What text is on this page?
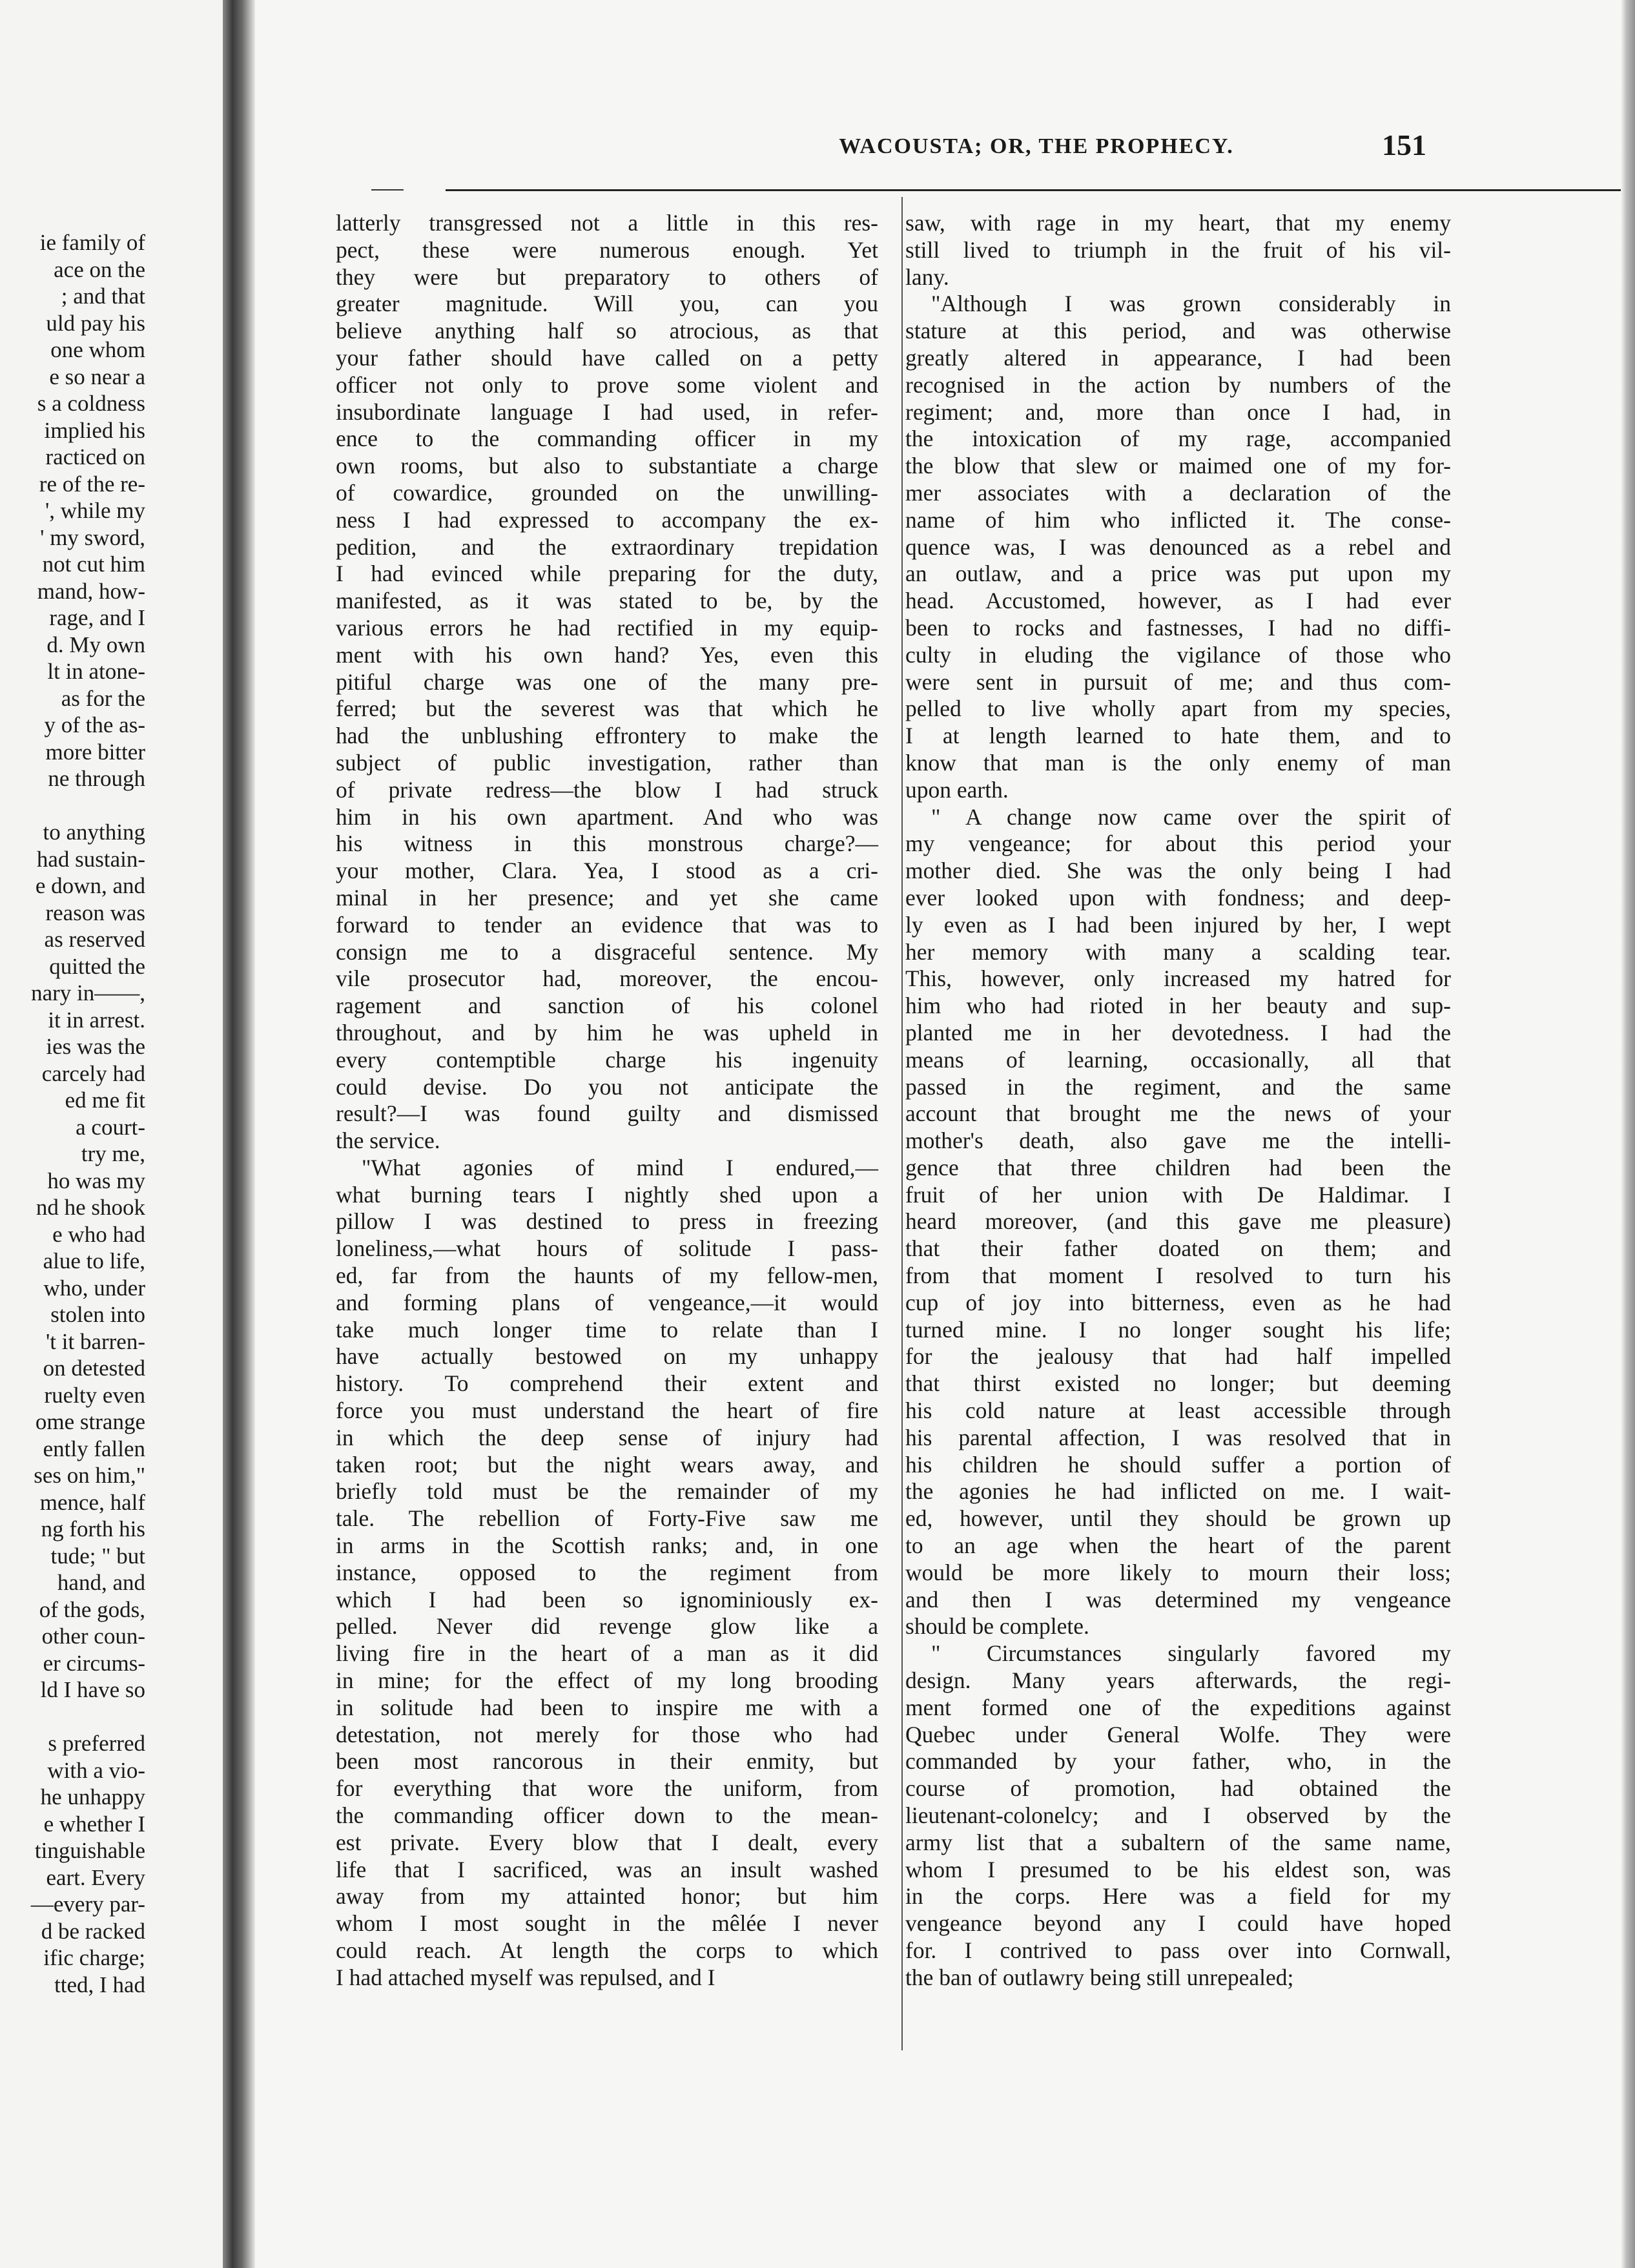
ie family of
ace on the
; and that
uld pay his
one whom
e so near a
s a coldness
implied his
racticed on
re of the re-
', while my
' my sword,
not cut him
mand, how-
rage, and I
d. My own
lt in atone-
as for the
y of the as-
more bitter
ne through
to anything
had sustain-
e down, and
reason was
as reserved
quitted the
nary in——,
it in arrest.
ies was the
carcely had
ed me fit
a court-
try me,
ho was my
nd he shook
e who had
alue to life,
who, under
stolen into
't it barren-
on detested
ruelty even
ome strange
ently fallen
ses on him,"
mence, half
ng forth his
tude; " but
hand, and
of the gods,
other coun-
er circums-
ld I have so
s preferred
with a vio-
he unhappy
e whether I
tinguishable
eart. Every
—every par-
d be racked
ific charge;
tted, I had
WACOUSTA; OR, THE PROPHECY.	151
latterly transgressed not a little in this res-
pect, these were numerous enough. Yet
they were but preparatory to others of
greater magnitude. Will you, can you
believe anything half so atrocious, as that
your father should have called on a petty
officer not only to prove some violent and
insubordinate language I had used, in refer-
ence to the commanding officer in my
own rooms, but also to substantiate a charge
of cowardice, grounded on the unwilling-
ness I had expressed to accompany the ex-
pedition, and the extraordinary trepidation
I had evinced while preparing for the duty,
manifested, as it was stated to be, by the
various errors he had rectified in my equip-
ment with his own hand? Yes, even this
pitiful charge was one of the many pre-
ferred; but the severest was that which he
had the unblushing effrontery to make the
subject of public investigation, rather than
of private redress—the blow I had struck
him in his own apartment. And who was
his witness in this monstrous charge?—
your mother, Clara. Yea, I stood as a cri-
minal in her presence; and yet she came
forward to tender an evidence that was to
consign me to a disgraceful sentence. My
vile prosecutor had, moreover, the encou-
ragement and sanction of his colonel
throughout, and by him he was upheld in
every contemptible charge his ingenuity
could devise. Do you not anticipate the
result?—I was found guilty and dismissed
the service.
"What agonies of mind I endured,—
what burning tears I nightly shed upon a
pillow I was destined to press in freezing
loneliness,—what hours of solitude I pass-
ed, far from the haunts of my fellow-men,
and forming plans of vengeance,—it would
take much longer time to relate than I
have actually bestowed on my unhappy
history. To comprehend their extent and
force you must understand the heart of fire
in which the deep sense of injury had
taken root; but the night wears away, and
briefly told must be the remainder of my
tale. The rebellion of Forty-Five saw me
in arms in the Scottish ranks; and, in one
instance, opposed to the regiment from
which I had been so ignominiously ex-
pelled. Never did revenge glow like a
living fire in the heart of a man as it did
in mine; for the effect of my long brooding
in solitude had been to inspire me with a
detestation, not merely for those who had
been most rancorous in their enmity, but
for everything that wore the uniform, from
the commanding officer down to the mean-
est private. Every blow that I dealt, every
life that I sacrificed, was an insult washed
away from my attainted honor; but him
whom I most sought in the mêlée I never
could reach. At length the corps to which
I had attached myself was repulsed, and I
saw, with rage in my heart, that my enemy
still lived to triumph in the fruit of his vil-
lany.
"Although I was grown considerably in
stature at this period, and was otherwise
greatly altered in appearance, I had been
recognised in the action by numbers of the
regiment; and, more than once I had, in
the intoxication of my rage, accompanied
the blow that slew or maimed one of my for-
mer associates with a declaration of the
name of him who inflicted it. The conse-
quence was, I was denounced as a rebel and
an outlaw, and a price was put upon my
head. Accustomed, however, as I had ever
been to rocks and fastnesses, I had no diffi-
culty in eluding the vigilance of those who
were sent in pursuit of me; and thus com-
pelled to live wholly apart from my species,
I at length learned to hate them, and to
know that man is the only enemy of man
upon earth.
" A change now came over the spirit of
my vengeance; for about this period your
mother died. She was the only being I had
ever looked upon with fondness; and deep-
ly even as I had been injured by her, I wept
her memory with many a scalding tear.
This, however, only increased my hatred for
him who had rioted in her beauty and sup-
planted me in her devotedness. I had the
means of learning, occasionally, all that
passed in the regiment, and the same
account that brought me the news of your
mother's death, also gave me the intelli-
gence that three children had been the
fruit of her union with De Haldimar. I
heard moreover, (and this gave me pleasure)
that their father doated on them; and
from that moment I resolved to turn his
cup of joy into bitterness, even as he had
turned mine. I no longer sought his life;
for the jealousy that had half impelled
that thirst existed no longer; but deeming
his cold nature at least accessible through
his parental affection, I was resolved that in
his children he should suffer a portion of
the agonies he had inflicted on me. I wait-
ed, however, until they should be grown up
to an age when the heart of the parent
would be more likely to mourn their loss;
and then I was determined my vengeance
should be complete.
" Circumstances singularly favored my
design. Many years afterwards, the regi-
ment formed one of the expeditions against
Quebec under General Wolfe. They were
commanded by your father, who, in the
course of promotion, had obtained the
lieutenant-colonelcy; and I observed by the
army list that a subaltern of the same name,
whom I presumed to be his eldest son, was
in the corps. Here was a field for my
vengeance beyond any I could have hoped
for. I contrived to pass over into Cornwall,
the ban of outlawry being still unrepealed;
